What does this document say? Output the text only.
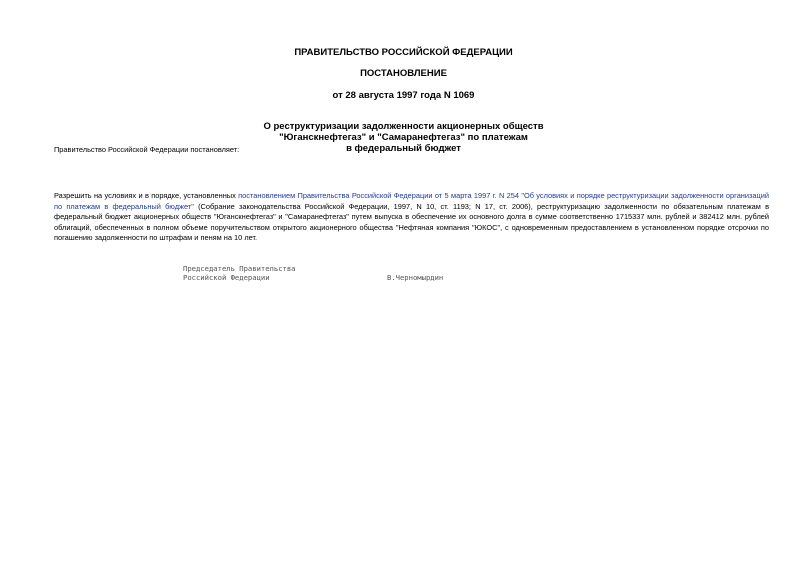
ПРАВИТЕЛЬСТВО РОССИЙСКОЙ ФЕДЕРАЦИИ
ПОСТАНОВЛЕНИЕ
от 28 августа 1997 года N 1069
О реструктуризации задолженности акционерных обществ
"Юганскнефтегаз" и "Самаранефтегаз" по платежам
в федеральный бюджет
Правительство Российской Федерации постановляет:
Разрешить на условиях и в порядке, установленных постановлением Правительства Российской Федерации от 5 марта 1997 г. N 254 "Об условиях и порядке реструктуризации задолженности организаций по платежам в федеральный бюджет" (Собрание законодательства Российской Федерации, 1997, N 10, ст. 1193; N 17, ст. 2006), реструктуризацию задолженности по обязательным платежам в федеральный бюджет акционерных обществ "Юганскнефтегаз" и "Самаранефтегаз" путем выпуска в обеспечение их основного долга в сумме соответственно 1715337 млн. рублей и 382412 млн. рублей облигаций, обеспеченных в полном объеме поручительством открытого акционерного общества "Нефтяная компания "ЮКОС", с одновременным предоставлением в установленном порядке отсрочки по погашению задолженности по штрафам и пеням на 10 лет.
Председатель Правительства
Российской Федерации	В.Черномырдин
